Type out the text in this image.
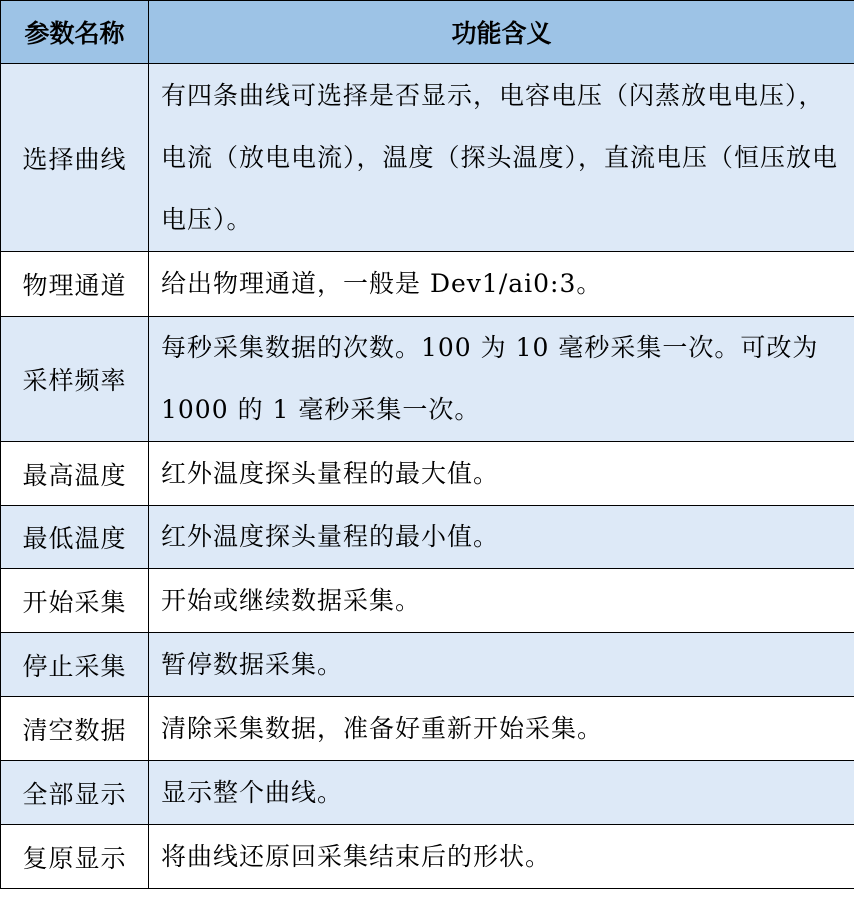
参数名称	功能含义
选择曲线	有四条曲线可选择是否显示，电容电压（闪蒸放电电压），电流（放电电流），温度（探头温度），直流电压（恒压放电电压）。
物理通道	给出物理通道，一般是 Dev1/ai0:3。
采样频率	每秒采集数据的次数。100 为 10 毫秒采集一次。可改为 1000 的 1 毫秒采集一次。
最高温度	红外温度探头量程的最大值。
最低温度	红外温度探头量程的最小值。
开始采集	开始或继续数据采集。
停止采集	暂停数据采集。
清空数据	清除采集数据，准备好重新开始采集。
全部显示	显示整个曲线。
复原显示	将曲线还原回采集结束后的形状。
